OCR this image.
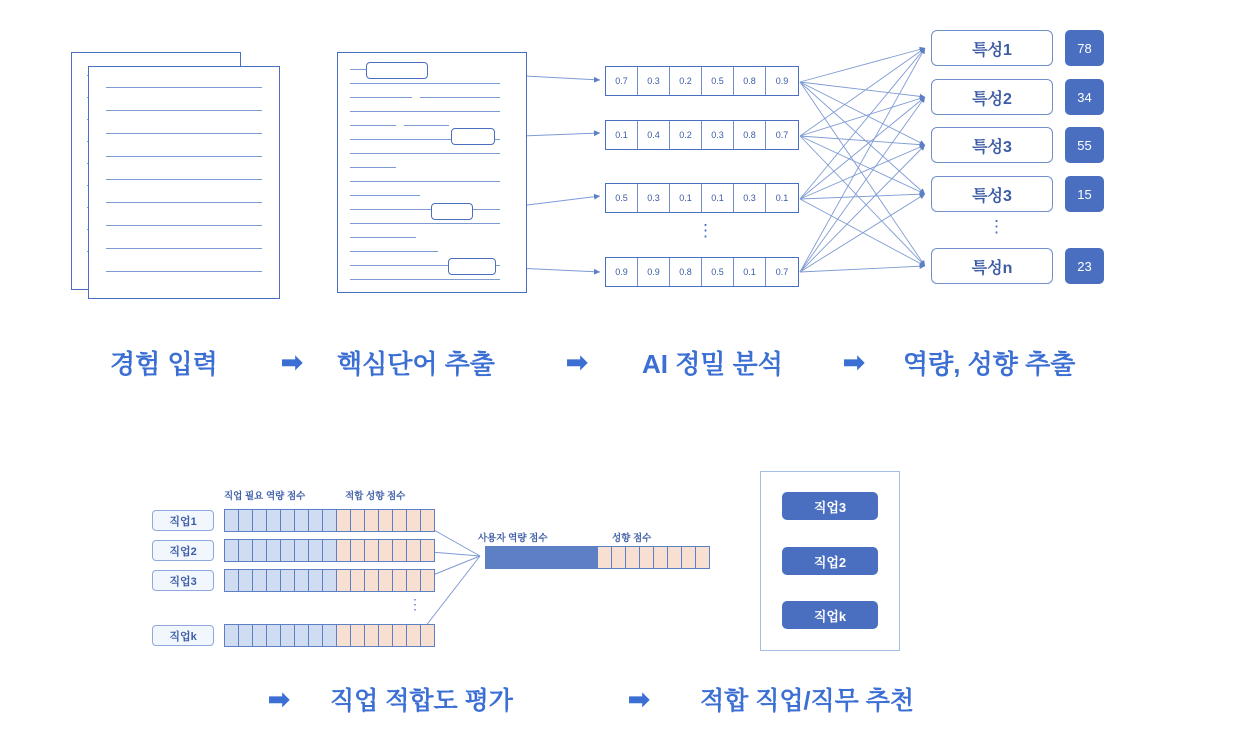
0.7	0.3	0.2	0.5	0.8	0.9
0.1	0.4	0.2	0.3	0.8	0.7
0.5	0.3	0.1	0.1	0.3	0.1
⋮
0.9	0.9	0.8	0.5	0.1	0.7
특성1	78
특성2	34
특성3	55
특성3	15
⋮
특성n	23
경험 입력 ➡ 핵심단어 추출	➡ AI 정밀 분석 ➡ 역량, 성향 추출
직업 필요 역량 점수	적합 성향 점수
직업1
직업2
직업3
⋮
직업k
사용자 역량 점수	성향 점수
직업3
직업2
직업k
➡ 직업 적합도 평가	➡ 적합 직업/직무 추천
